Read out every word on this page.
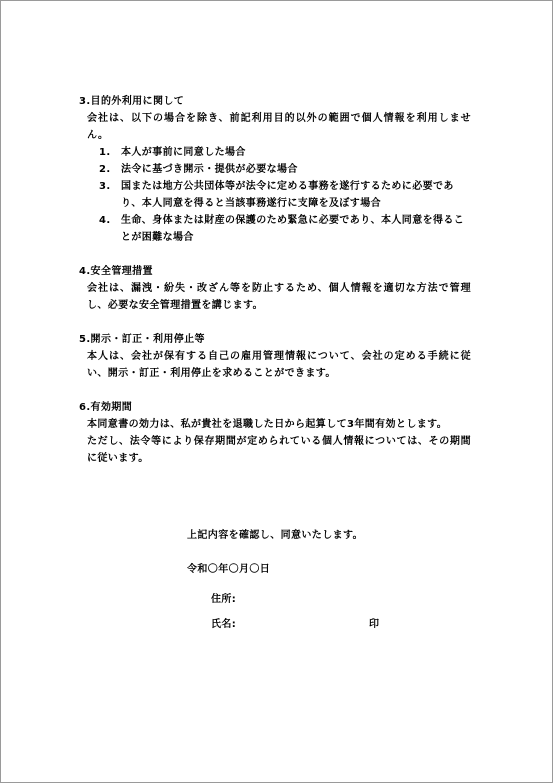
3.目的外利用に関して
会社は、以下の場合を除き、前記利用目的以外の範囲で個人情報を利用しません。
1.	本人が事前に同意した場合
2.	法令に基づき開示・提供が必要な場合
3.	国または地方公共団体等が法令に定める事務を遂行するために必要であり、本人同意を得ると当該事務遂行に支障を及ぼす場合
4.	生命、身体または財産の保護のため緊急に必要であり、本人同意を得ることが困難な場合
4.安全管理措置
会社は、漏洩・紛失・改ざん等を防止するため、個人情報を適切な方法で管理し、必要な安全管理措置を講じます。
5.開示・訂正・利用停止等
本人は、会社が保有する自己の雇用管理情報について、会社の定める手続に従い、開示・訂正・利用停止を求めることができます。
6.有効期間
本同意書の効力は、私が貴社を退職した日から起算して3年間有効とします。
ただし、法令等により保存期間が定められている個人情報については、その期間に従います。

上記内容を確認し、同意いたします。

令和〇年〇月〇日
住所:
氏名:	印
